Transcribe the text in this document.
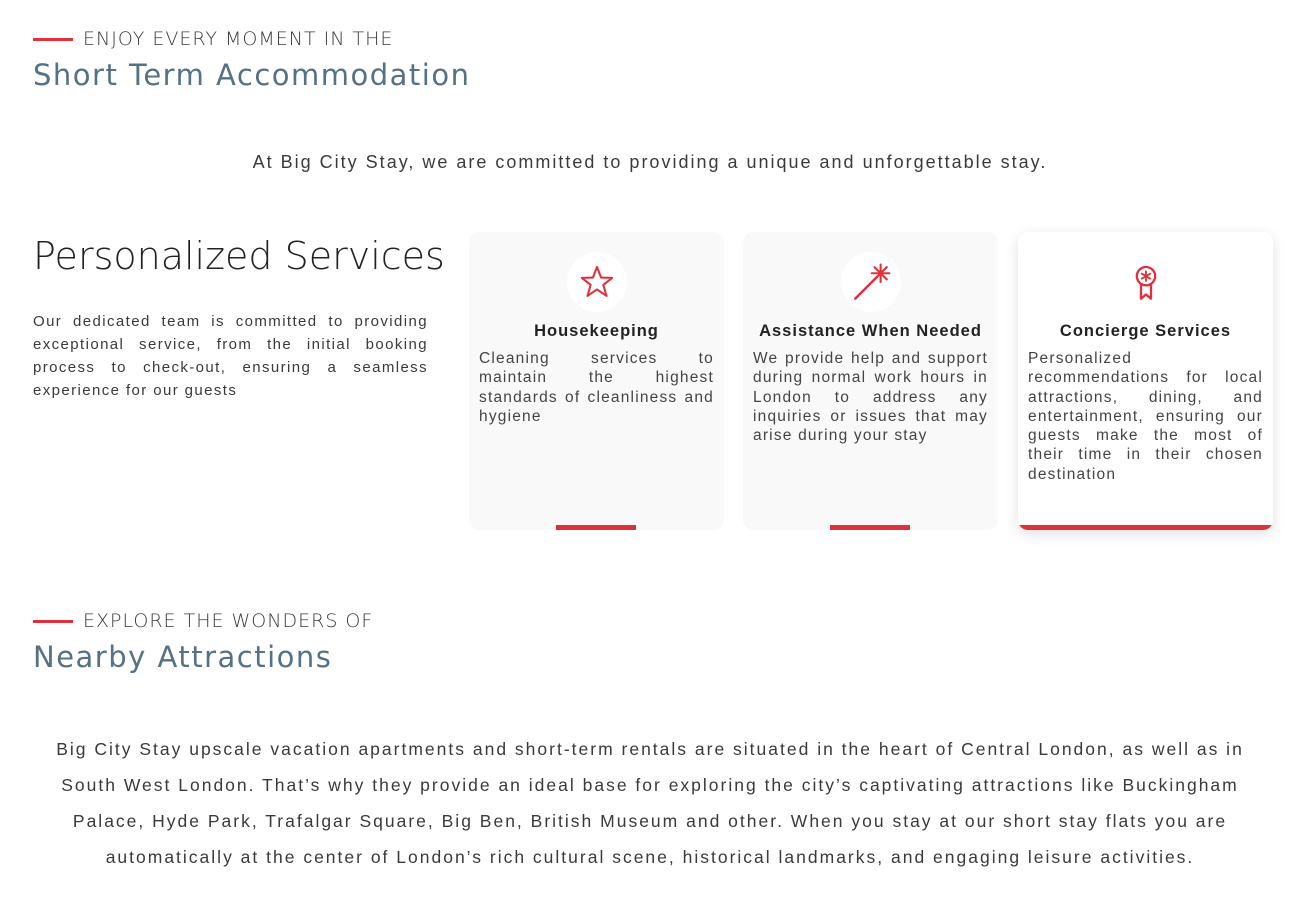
ENJOY EVERY MOMENT IN THE
Short Term Accommodation
At Big City Stay, we are committed to providing a unique and unforgettable stay.
Personalized Services
Our dedicated team is committed to providing exceptional service, from the initial booking process to check-out, ensuring a seamless experience for our guests
Housekeeping

Cleaning services to maintain the highest standards of cleanliness and hygiene

Assistance When Needed

We provide help and support during normal work hours in London to address any inquiries or issues that may arise during your stay

Concierge Services

Personalized recommendations for local attractions, dining, and entertainment, ensuring our guests make the most of their time in their chosen destination

EXPLORE THE WONDERS OF
Nearby Attractions
Big City Stay upscale vacation apartments and short-term rentals are situated in the heart of Central London, as well as in South West London. That’s why they provide an ideal base for exploring the city’s captivating attractions like Buckingham Palace, Hyde Park, Trafalgar Square, Big Ben, British Museum and other. When you stay at our short stay flats you are automatically at the center of London’s rich cultural scene, historical landmarks, and engaging leisure activities.
